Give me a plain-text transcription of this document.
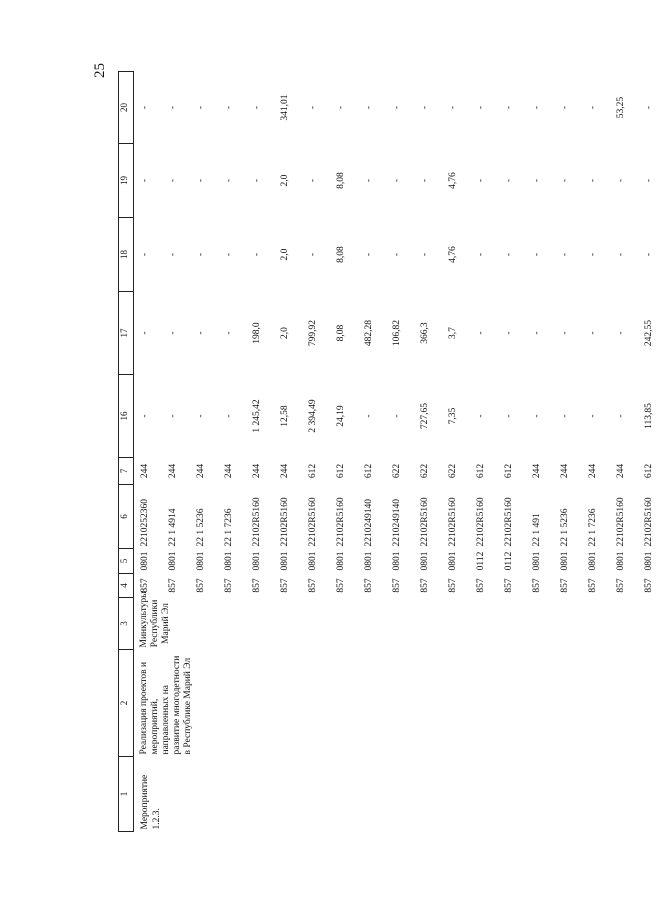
25
1	2	3	4	5	6	7	16	17	18	19	20
Мероприятие 1.2.3.	Реализация проектов и мероприятий, направленных на развитие многодетности в Республике Марий Эл	Минкультуры Республики Марий Эл	857	0801	2210252360	244	-	-	-	-	-
			857	0801	22 1 4914	244	-	-	-	-	-
			857	0801	22 1 5236	244	-	-	-	-	-
			857	0801	22 1 7236	244	-	-	-	-	-
			857	0801	22102R5160	244	1 245,42	198,0	-	-	-
			857	0801	22102R5160	244	12,58	2,0	2,0	2,0	341,01
			857	0801	22102R5160	612	2 394,49	799,92	-	-	-
			857	0801	22102R5160	612	24,19	8,08	8,08	8,08	-
			857	0801	2210249140	612	-	482,28	-	-	-
			857	0801	2210249140	622	-	106,82	-	-	-
			857	0801	22102R5160	622	727,65	366,3	-	-	-
			857	0801	22102R5160	622	7,35	3,7	4,76	4,76	-
			857	0112	22102R5160	612	-	-	-	-	-
			857	0112	22102R5160	612	-	-	-	-	-
			857	0801	22 1 491	244	-	-	-	-	-
			857	0801	22 1 5236	244	-	-	-	-	-
			857	0801	22 1 7236	244	-	-	-	-	-
			857	0801	22102R5160	244	-	-	-	-	53,25
			857	0801	22102R5160	612	113,85	242,55	-	-	-
